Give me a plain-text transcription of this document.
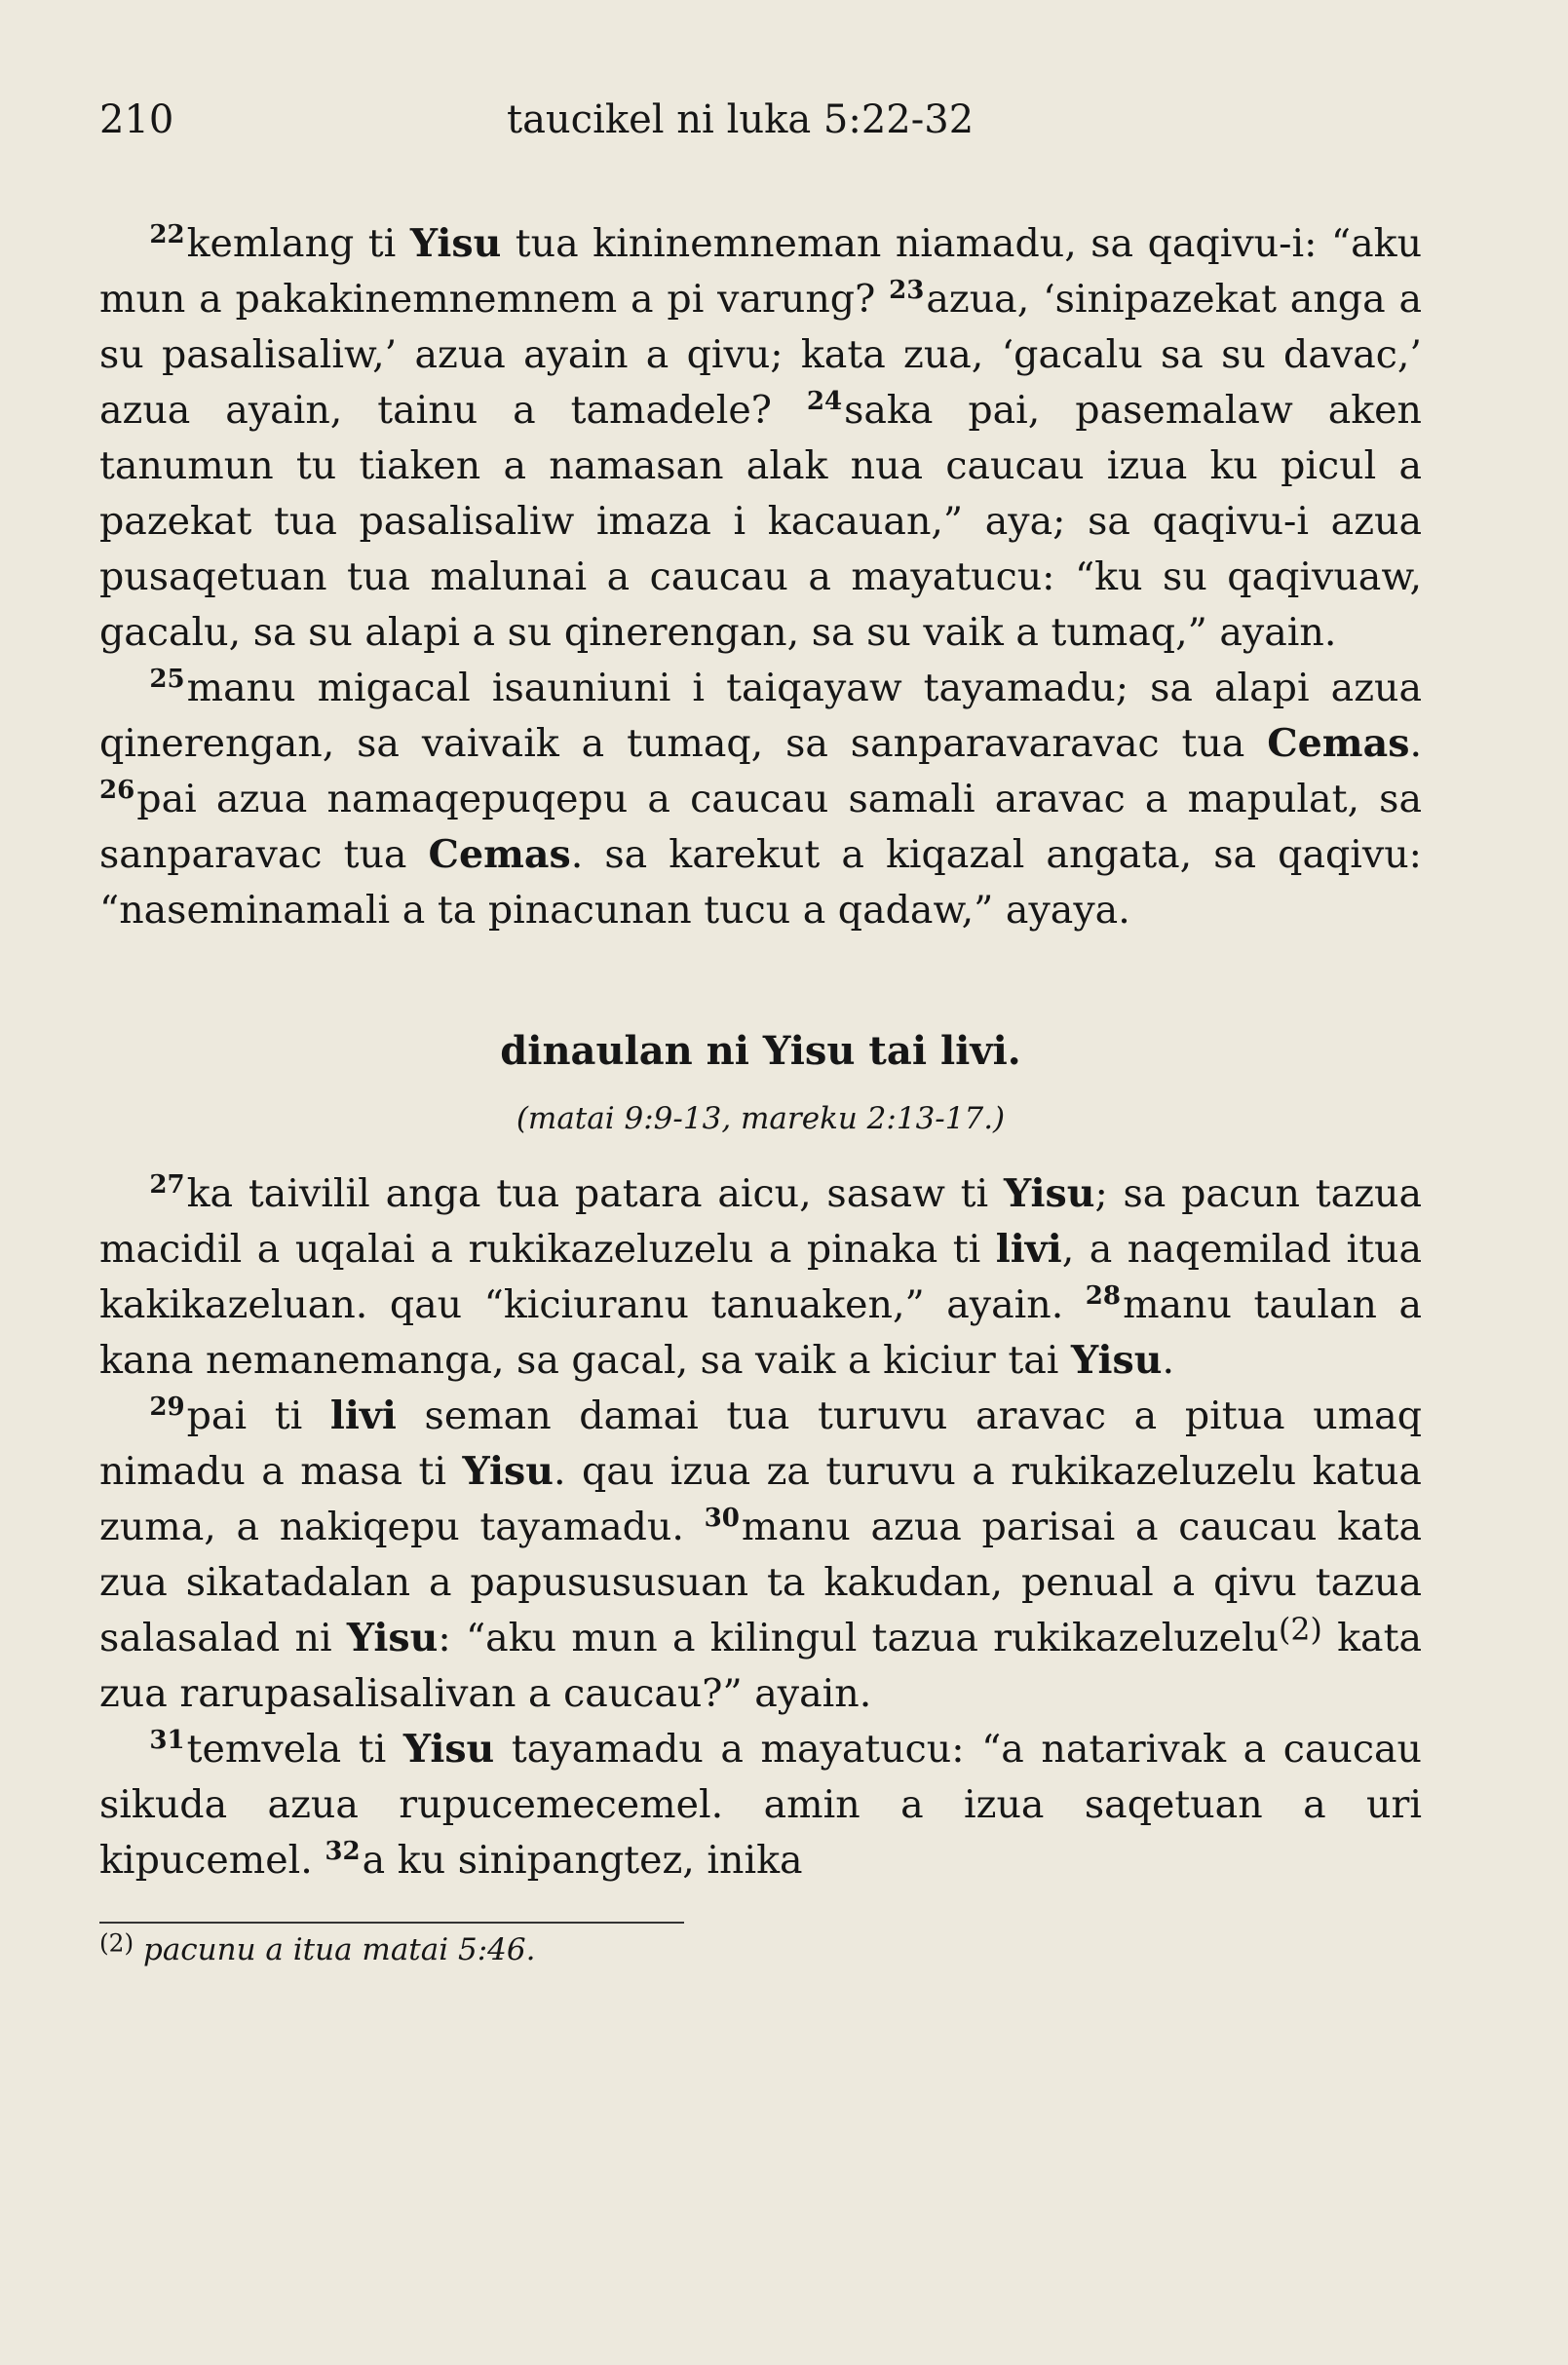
210	taucikel ni luka 5:22-32

$^{22}$kemlang ti Yisu tua kininemneman niamadu, sa qaqivu-i: “aku mun a pakakinemnemnem a pi varung? $^{23}$azua, ‘sinipazekat anga a su pasalisaliw,’ azua ayain a qivu; kata zua, ‘gacalu sa su davac,’ azua ayain, tainu a tamadele? $^{24}$saka pai, pasemalaw aken tanumun tu tiaken a namasan alak nua caucau izua ku picul a pazekat tua pasalisaliw imaza i kacauan,” aya; sa qaqivu-i azua pusaqetuan tua malunai a caucau a mayatucu: “ku su qaqivuaw, gacalu, sa su alapi a su qinerengan, sa su vaik a tumaq,” ayain.

$^{25}$manu migacal isauniuni i taiqayaw tayamadu; sa alapi azua qinerengan, sa vaivaik a tumaq, sa sanparavaravac tua Cemas. $^{26}$pai azua namaqepuqepu a caucau samali aravac a mapulat, sa sanparavac tua Cemas. sa karekut a kiqazal angata, sa qaqivu: “naseminamali a ta pinacunan tucu a qadaw,” ayaya.

dinaulan ni Yisu tai livi.
(matai 9:9-13, mareku 2:13-17.)

$^{27}$ka taivilil anga tua patara aicu, sasaw ti Yisu; sa pacun tazua macidil a uqalai a rukikazeluzelu a pinaka ti livi, a naqemilad itua kakikazeluan. qau “kiciuranu tanuaken,” ayain. $^{28}$manu taulan a kana nemanemanga, sa gacal, sa vaik a kiciur tai Yisu.

$^{29}$pai ti livi seman damai tua turuvu aravac a pitua umaq nimadu a masa ti Yisu. qau izua za turuvu a rukikazeluzelu katua zuma, a nakiqepu tayamadu. $^{30}$manu azua parisai a caucau kata zua sikatadalan a papusususuan ta kakudan, penual a qivu tazua salasalad ni Yisu: “aku mun a kilingul tazua rukikazeluzelu$^{(2)}$ kata zua rarupasalisalivan a caucau?” ayain.

$^{31}$temvela ti Yisu tayamadu a mayatucu: “a natarivak a caucau sikuda azua rupucemecemel. amin a izua saqetuan a uri kipucemel. $^{32}$a ku sinipangtez, inika

$^{(2)}$ pacunu a itua matai 5:46.
